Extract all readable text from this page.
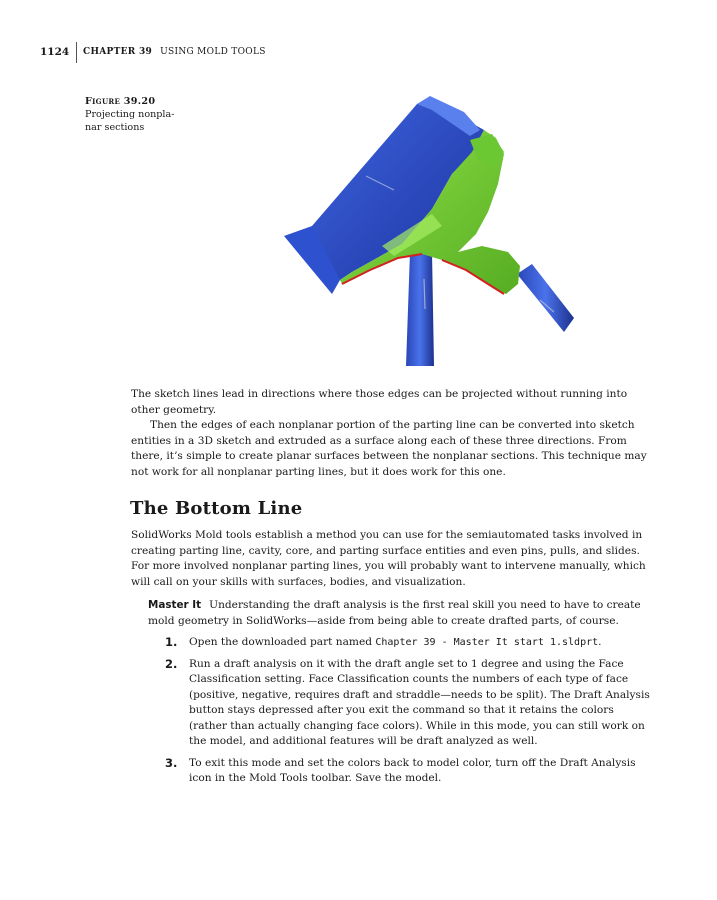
1124	CHAPTER 39 USING MOLD TOOLS
Figure 39.20
Projecting nonpla-
nar sections

The sketch lines lead in directions where those edges can be projected without running into other geometry.

Then the edges of each nonplanar portion of the parting line can be converted into sketch entities in a 3D sketch and extruded as a surface along each of these three directions. From there, it’s simple to create planar surfaces between the nonplanar sections. This technique may not work for all nonplanar parting lines, but it does work for this one.

The Bottom Line

SolidWorks Mold tools establish a method you can use for the semiautomated tasks involved in creating parting line, cavity, core, and parting surface entities and even pins, pulls, and slides. For more involved nonplanar parting lines, you will probably want to intervene manually, which will call on your skills with surfaces, bodies, and visualization.

Master It Understanding the draft analysis is the first real skill you need to have to create mold geometry in SolidWorks—aside from being able to create drafted parts, of course.
1.	Open the downloaded part named Chapter 39 - Master It start 1.sldprt.
2.	Run a draft analysis on it with the draft angle set to 1 degree and using the Face Classification setting. Face Classification counts the numbers of each type of face (positive, negative, requires draft and straddle—needs to be split). The Draft Analysis button stays depressed after you exit the command so that it retains the colors (rather than actually changing face colors). While in this mode, you can still work on the model, and additional features will be draft analyzed as well.
3.	To exit this mode and set the colors back to model color, turn off the Draft Analysis icon in the Mold Tools toolbar. Save the model.
